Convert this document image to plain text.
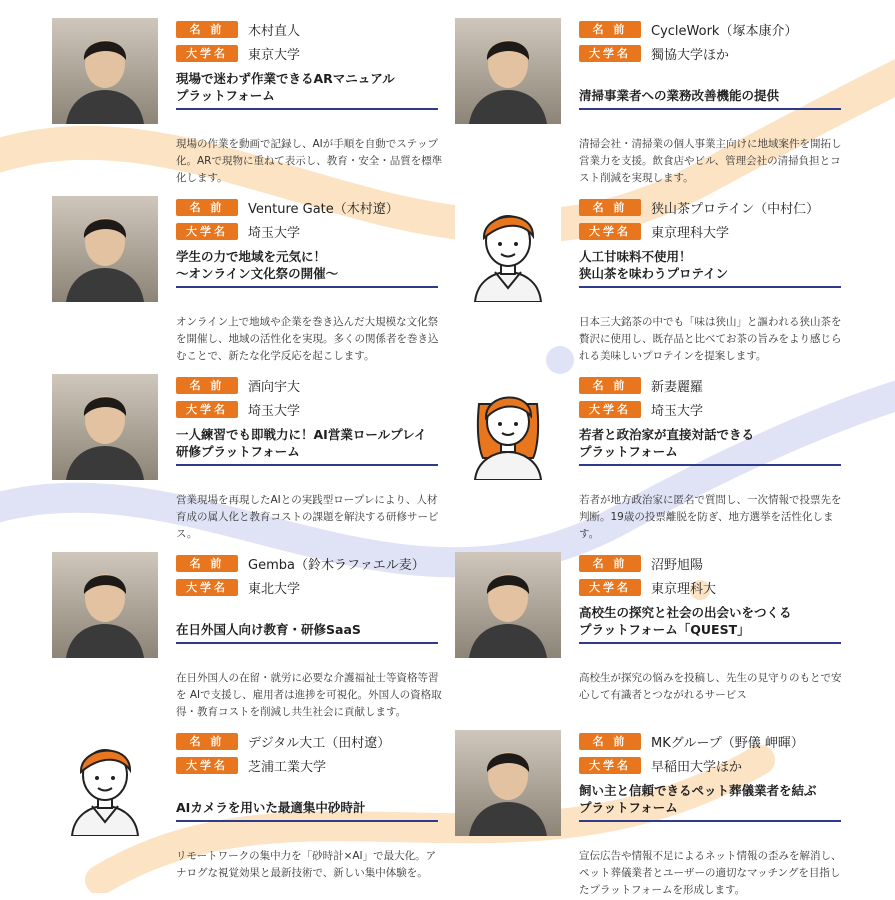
名 前	木村直人
大学名	東京大学
現場で迷わず作業できるARマニュアル
プラットフォーム
現場の作業を動画で記録し、AIが手順を自動でステップ化。ARで現物に重ねて表示し、教育・安全・品質を標準化します。
名 前	CycleWork（塚本康介）
大学名	獨協大学ほか
清掃事業者への業務改善機能の提供
清掃会社・清掃業の個人事業主向けに地域案件を開拓し営業力を支援。飲食店やビル、管理会社の清掃負担とコスト削減を実現します。
名 前	Venture Gate（木村遼）
大学名	埼玉大学
学生の力で地域を元気に！
～オンライン文化祭の開催～
オンライン上で地域や企業を巻き込んだ大規模な文化祭を開催し、地域の活性化を実現。多くの関係者を巻き込むことで、新たな化学反応を起こします。
名 前	狭山茶プロテイン（中村仁）
大学名	東京理科大学
人工甘味料不使用！
狭山茶を味わうプロテイン
日本三大銘茶の中でも「味は狭山」と謳われる狭山茶を贅沢に使用し、既存品と比べてお茶の旨みをより感じられる美味しいプロテインを提案します。
名 前	酒向宇大
大学名	埼玉大学
一人練習でも即戦力に！AI営業ロールプレイ
研修プラットフォーム
営業現場を再現したAIとの実践型ロープレにより、人材育成の属人化と教育コストの課題を解決する研修サービス。
名 前	新妻麗羅
大学名	埼玉大学
若者と政治家が直接対話できる
プラットフォーム
若者が地方政治家に匿名で質問し、一次情報で投票先を判断。19歳の投票離脱を防ぎ、地方選挙を活性化します。
名 前	Gemba（鈴木ラファエル麦）
大学名	東北大学
在日外国人向け教育・研修SaaS
在日外国人の在留・就労に必要な介護福祉士等資格等習を AIで支援し、雇用者は進捗を可視化。外国人の資格取得・教育コストを削減し共生社会に貢献します。
名 前	沼野旭陽
大学名	東京理科大
高校生の探究と社会の出会いをつくる
プラットフォーム「QUEST」
高校生が探究の悩みを投稿し、先生の見守りのもとで安心して有識者とつながれるサービス
名 前	デジタル大工（田村遼）
大学名	芝浦工業大学
AIカメラを用いた最適集中砂時計
リモートワークの集中力を「砂時計×AI」で最大化。アナログな視覚効果と最新技術で、新しい集中体験を。
名 前	MKグループ（野儀 岬暉）
大学名	早稲田大学ほか
飼い主と信頼できるペット葬儀業者を結ぶ
プラットフォーム
宣伝広告や情報不足によるネット情報の歪みを解消し、ペット葬儀業者とユーザーの適切なマッチングを目指したプラットフォームを形成します。
